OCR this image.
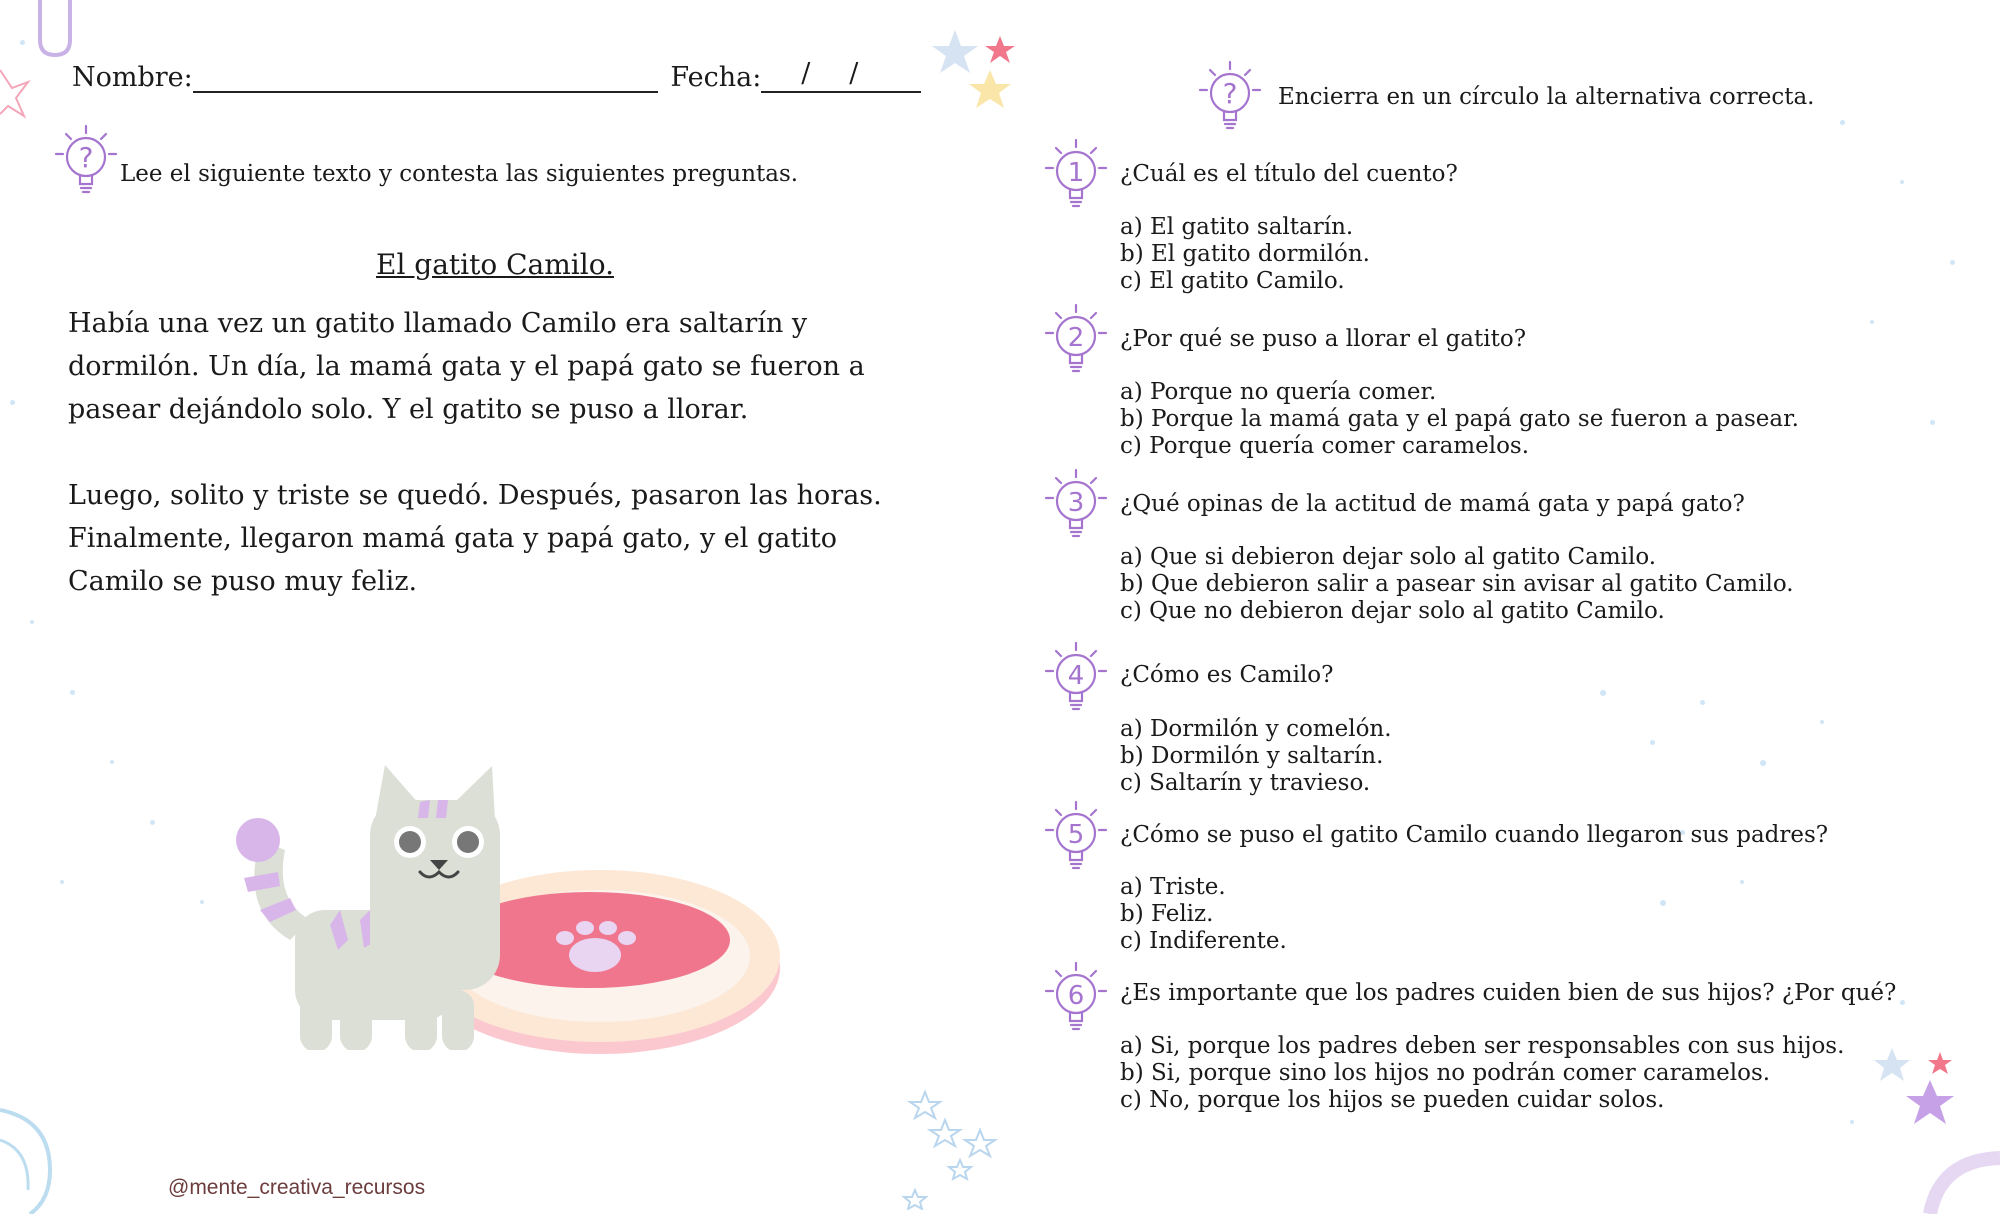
Nombre:	Fecha: / /
? Lee el siguiente texto y contesta las siguientes preguntas.
El gatito Camilo.

Había una vez un gatito llamado Camilo era saltarín y dormilón. Un día, la mamá gata y el papá gato se fueron a pasear dejándolo solo. Y el gatito se puso a llorar.

Luego, solito y triste se quedó. Después, pasaron las horas. Finalmente, llegaron mamá gata y papá gato, y el gatito Camilo se puso muy feliz.

@mente_creativa_recursos
? Encierra en un círculo la alternativa correcta.
1 ¿Cuál es el título del cuento?
a) El gatito saltarín.
b) El gatito dormilón.
c) El gatito Camilo.
2 ¿Por qué se puso a llorar el gatito?
a) Porque no quería comer.
b) Porque la mamá gata y el papá gato se fueron a pasear.
c) Porque quería comer caramelos.
3 ¿Qué opinas de la actitud de mamá gata y papá gato?
a) Que si debieron dejar solo al gatito Camilo.
b) Que debieron salir a pasear sin avisar al gatito Camilo.
c) Que no debieron dejar solo al gatito Camilo.
4 ¿Cómo es Camilo?
a) Dormilón y comelón.
b) Dormilón y saltarín.
c) Saltarín y travieso.
5 ¿Cómo se puso el gatito Camilo cuando llegaron sus padres?
a) Triste.
b) Feliz.
c) Indiferente.
6 ¿Es importante que los padres cuiden bien de sus hijos? ¿Por qué?
a) Si, porque los padres deben ser responsables con sus hijos.
b) Si, porque sino los hijos no podrán comer caramelos.
c) No, porque los hijos se pueden cuidar solos.
